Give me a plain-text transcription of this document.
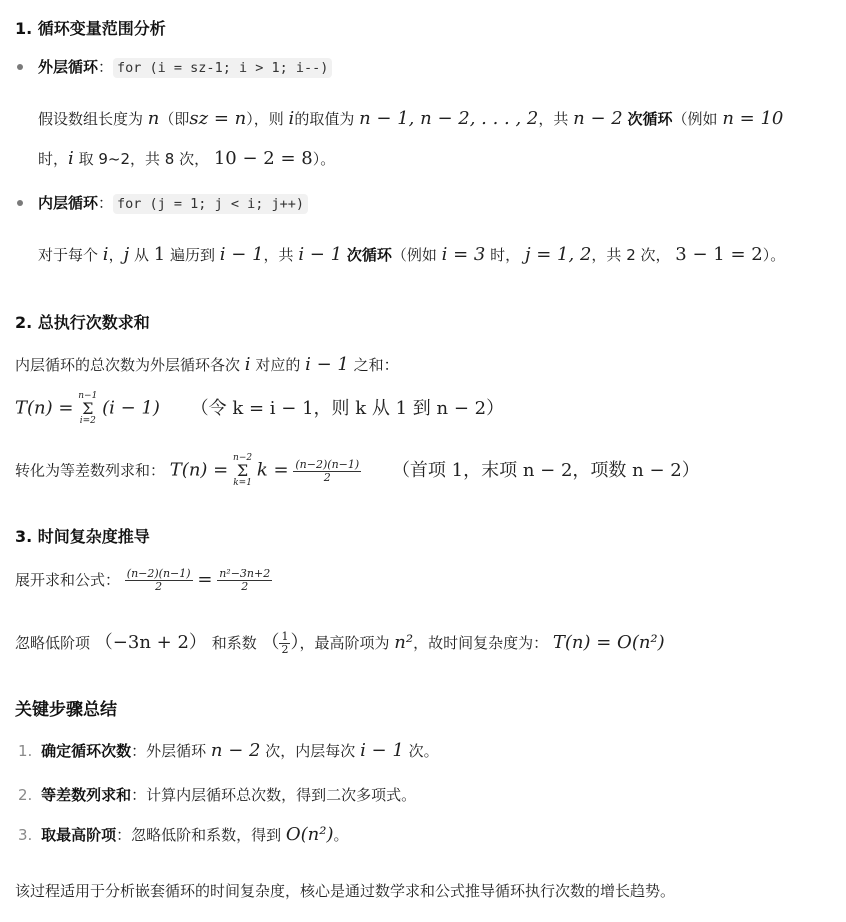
1. 循环变量范围分析
外层循环： for (i = sz-1; i > 1; i--)
假设数组长度为 n（即sz = n），则 i的取值为 n − 1, n − 2, . . . , 2，共 n − 2 次循环（例如 n = 10
时，i 取 9~2，共 8 次， 10 − 2 = 8）。
内层循环： for (j = 1; j < i; j++)
对于每个 i，j 从 1 遍历到 i − 1，共 i − 1 次循环（例如 i = 3 时， j = 1, 2，共 2 次， 3 − 1 = 2）。
2. 总执行次数求和
内层循环的总次数为外层循环各次 i 对应的 i − 1 之和：
T(n) =
n−1
Σ
i=2
(i − 1) （令 k = i − 1，则 k 从 1 到 n − 2）
转化为等差数列求和： T(n) =
n−2
Σ
k=1
$k = \frac{(n-2)(n-1)}{2}$ （首项 1，末项 n − 2，项数 n − 2）
3. 时间复杂度推导
展开求和公式： $\frac{(n-2)(n-1)}{2} = \frac{\text{n²−3n+2}}{2}$
忽略低阶项 （−3n + 2） 和系数 （ $\frac{1}{2}$ ），最高阶项为 n²，故时间复杂度为： T(n) = O(n²)
关键步骤总结
1. 确定循环次数：外层循环 n − 2 次，内层每次 i − 1 次。
2. 等差数列求和：计算内层循环总次数，得到二次多项式。
3. 取最高阶项：忽略低阶和系数，得到 O(n²)。
该过程适用于分析嵌套循环的时间复杂度，核心是通过数学求和公式推导循环执行次数的增长趋势。
